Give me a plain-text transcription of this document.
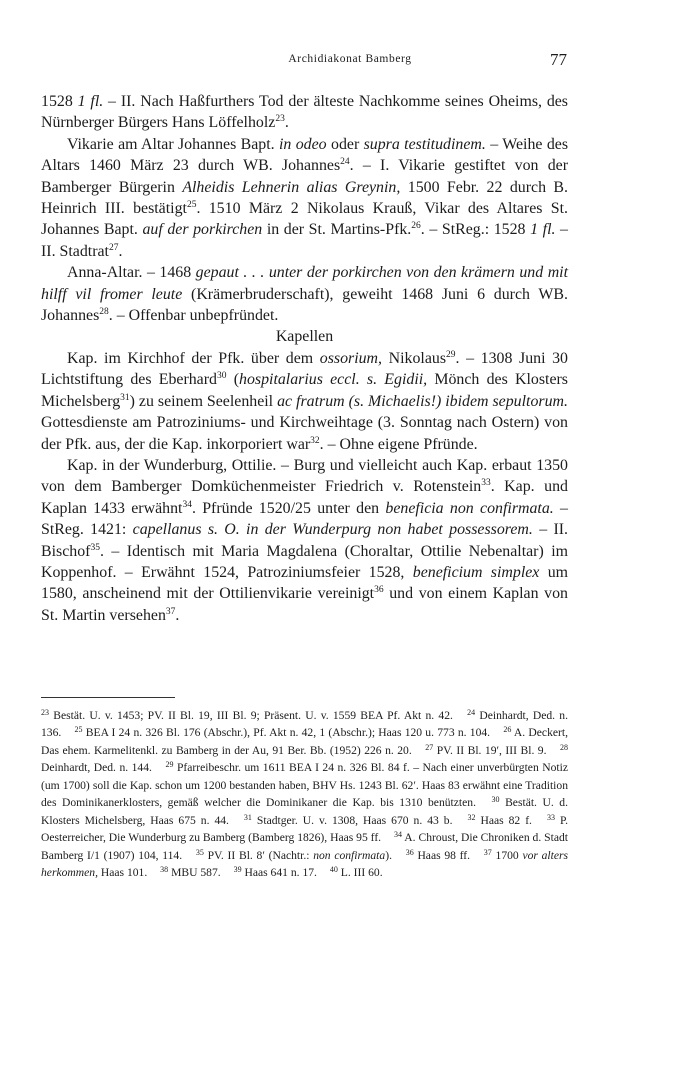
Archidiakonat Bamberg	77

1528 1 fl. – II. Nach Haßfurthers Tod der älteste Nachkomme seines Oheims, des Nürnberger Bürgers Hans Löffelholz$^{23}$.

Vikarie am Altar Johannes Bapt. in odeo oder supra testitudinem. – Weihe des Altars 1460 März 23 durch WB. Johannes$^{24}$. – I. Vikarie gestiftet von der Bamberger Bürgerin Alheidis Lehnerin alias Greynin, 1500 Febr. 22 durch B. Heinrich III. bestätigt$^{25}$. 1510 März 2 Nikolaus Krauß, Vikar des Altares St. Johannes Bapt. auf der porkirchen in der St. Martins-Pfk.$^{26}$. – StReg.: 1528 1 fl. – II. Stadtrat$^{27}$.

Anna-Altar. – 1468 gepaut . . . unter der porkirchen von den krämern und mit hilff vil fromer leute (Krämerbruderschaft), geweiht 1468 Juni 6 durch WB. Johannes$^{28}$. – Offenbar unbepfründet.

Kapellen

Kap. im Kirchhof der Pfk. über dem ossorium, Nikolaus$^{29}$. – 1308 Juni 30 Lichtstiftung des Eberhard$^{30}$ (hospitalarius eccl. s. Egidii, Mönch des Klosters Michelsberg$^{31}$) zu seinem Seelenheil ac fratrum (s. Michaelis!) ibidem sepultorum. Gottesdienste am Patroziniums- und Kirchweihtage (3. Sonntag nach Ostern) von der Pfk. aus, der die Kap. inkorporiert war$^{32}$. – Ohne eigene Pfründe.

Kap. in der Wunderburg, Ottilie. – Burg und vielleicht auch Kap. erbaut 1350 von dem Bamberger Domküchenmeister Friedrich v. Rotenstein$^{33}$. Kap. und Kaplan 1433 erwähnt$^{34}$. Pfründe 1520/25 unter den beneficia non confirmata. – StReg. 1421: capellanus s. O. in der Wunderpurg non habet possessorem. – II. Bischof$^{35}$. – Identisch mit Maria Magdalena (Choraltar, Ottilie Nebenaltar) im Koppenhof. – Erwähnt 1524, Patroziniumsfeier 1528, beneficium simplex um 1580, anscheinend mit der Ottilienvikarie vereinigt$^{36}$ und von einem Kaplan von St. Martin versehen$^{37}$.

$^{23}$ Bestät. U. v. 1453; PV. II Bl. 19, III Bl. 9; Präsent. U. v. 1559 BEA Pf. Akt n. 42. $^{24}$ Deinhardt, Ded. n. 136. $^{25}$ BEA I 24 n. 326 Bl. 176 (Abschr.), Pf. Akt n. 42, 1 (Abschr.); Haas 120 u. 773 n. 104. $^{26}$ A. Deckert, Das ehem. Karmelitenkl. zu Bamberg in der Au, 91 Ber. Bb. (1952) 226 n. 20. $^{27}$ PV. II Bl. 19′, III Bl. 9. $^{28}$ Deinhardt, Ded. n. 144. $^{29}$ Pfarreibeschr. um 1611 BEA I 24 n. 326 Bl. 84 f. – Nach einer unverbürgten Notiz (um 1700) soll die Kap. schon um 1200 bestanden haben, BHV Hs. 1243 Bl. 62′. Haas 83 erwähnt eine Tradition des Dominikanerklosters, gemäß welcher die Dominikaner die Kap. bis 1310 benützten. $^{30}$ Bestät. U. d. Klosters Michelsberg, Haas 675 n. 44. $^{31}$ Stadtger. U. v. 1308, Haas 670 n. 43 b. $^{32}$ Haas 82 f. $^{33}$ P. Oesterreicher, Die Wunderburg zu Bamberg (Bamberg 1826), Haas 95 ff. $^{34}$ A. Chroust, Die Chroniken d. Stadt Bamberg I/1 (1907) 104, 114. $^{35}$ PV. II Bl. 8′ (Nachtr.: non confirmata). $^{36}$ Haas 98 ff. $^{37}$ 1700 vor alters herkommen, Haas 101. $^{38}$ MBU 587. $^{39}$ Haas 641 n. 17. $^{40}$ L. III 60.
